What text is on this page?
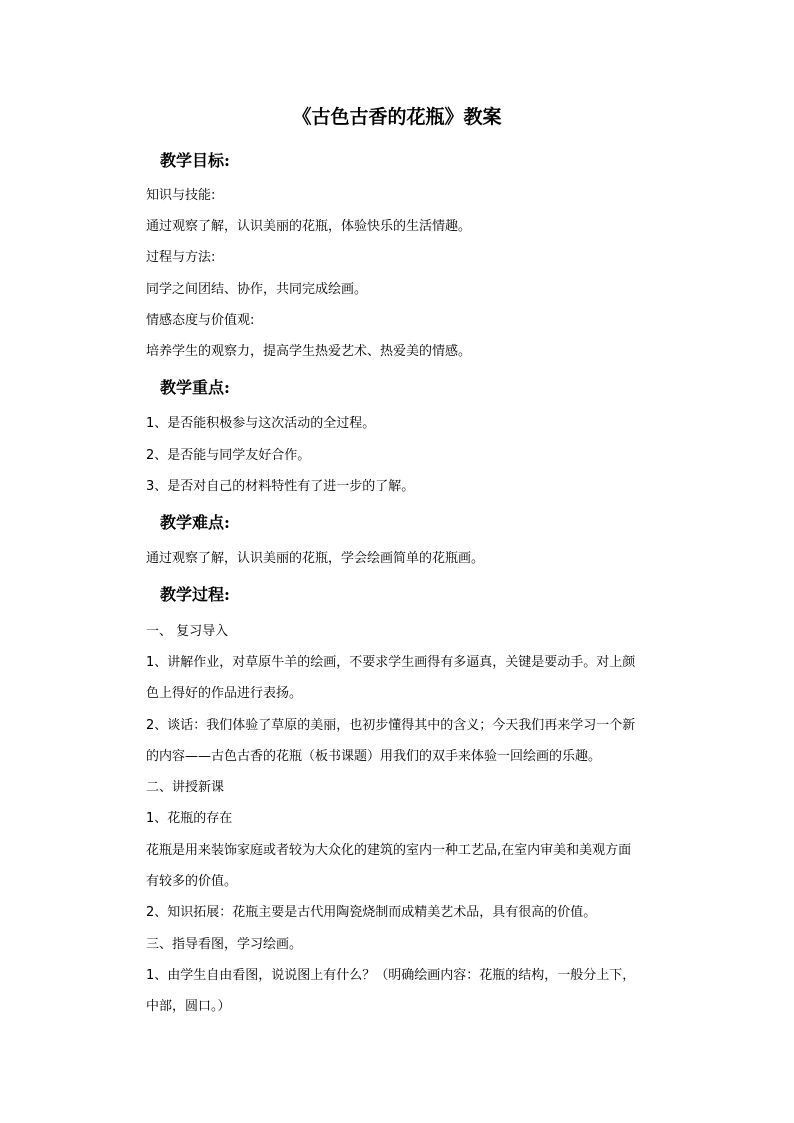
《古色古香的花瓶》教案
教学目标:
知识与技能:
通过观察了解，认识美丽的花瓶，体验快乐的生活情趣。
过程与方法:
同学之间团结、协作，共同完成绘画。
情感态度与价值观:
培养学生的观察力，提高学生热爱艺术、热爱美的情感。
教学重点:
1、是否能积极参与这次活动的全过程。
2、是否能与同学友好合作。
3、是否对自己的材料特性有了进一步的了解。
教学难点:
通过观察了解，认识美丽的花瓶，学会绘画简单的花瓶画。
教学过程:
一、 复习导入
1、讲解作业，对草原牛羊的绘画，不要求学生画得有多逼真，关键是要动手。对上颜
色上得好的作品进行表扬。
2、谈话：我们体验了草原的美丽，也初步懂得其中的含义；今天我们再来学习一个新
的内容——古色古香的花瓶（板书课题）用我们的双手来体验一回绘画的乐趣。
二、讲授新课
1、花瓶的存在
花瓶是用来装饰家庭或者较为大众化的建筑的室内一种工艺品,在室内审美和美观方面
有较多的价值。
2、知识拓展：花瓶主要是古代用陶瓷烧制而成精美艺术品，具有很高的价值。
三、指导看图，学习绘画。
1、由学生自由看图，说说图上有什么？（明确绘画内容：花瓶的结构，一般分上下，
中部，圆口。）
